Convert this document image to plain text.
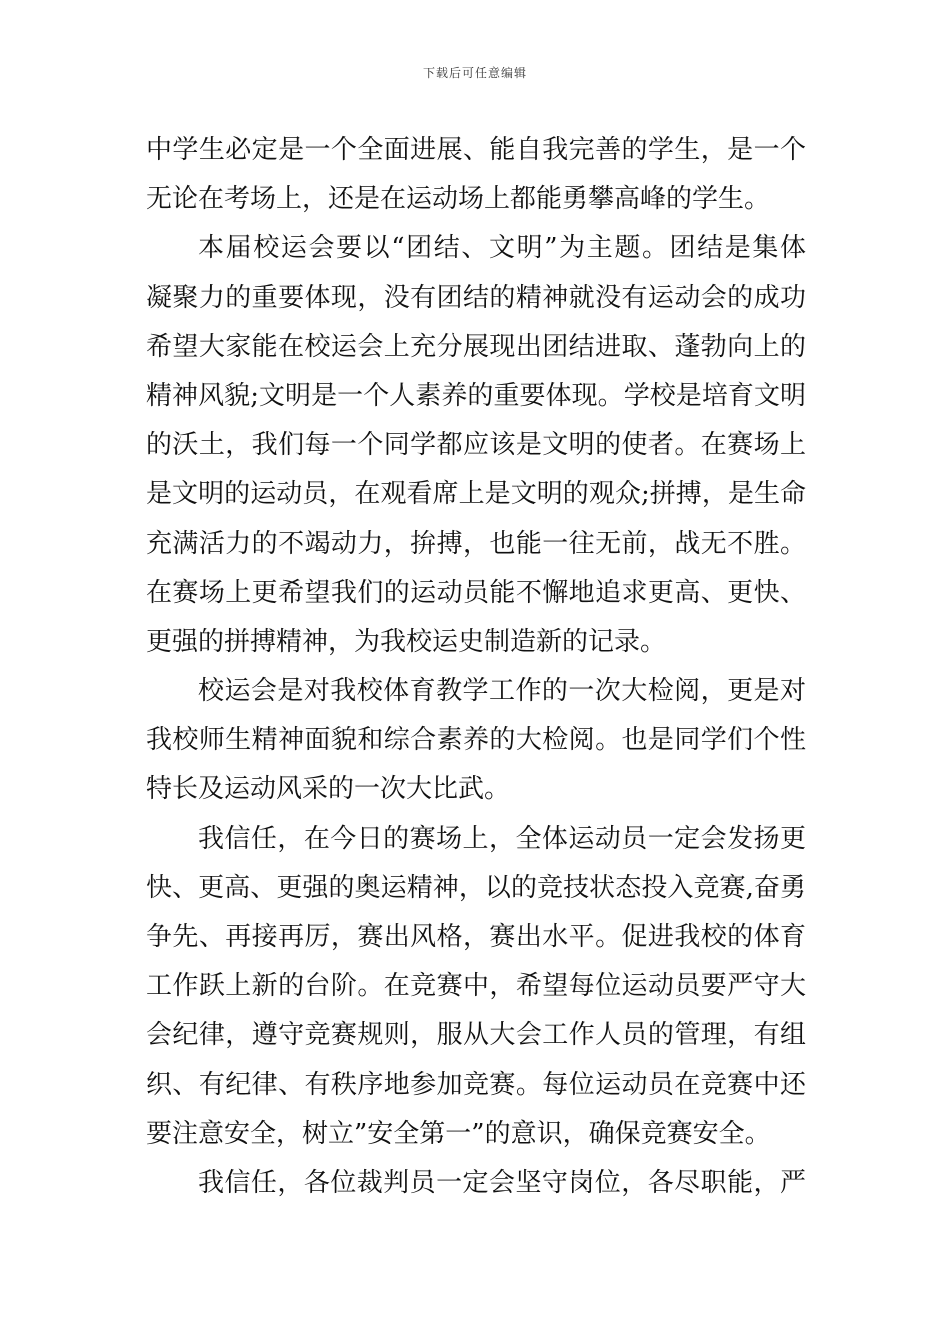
下载后可任意编辑
中学生必定是一个全面进展、能自我完善的学生，是一个
无论在考场上，还是在运动场上都能勇攀高峰的学生。
本届校运会要以“团结、文明”为主题。团结是集体
凝聚力的重要体现，没有团结的精神就没有运动会的成功
希望大家能在校运会上充分展现出团结进取、蓬勃向上的
精神风貌;文明是一个人素养的重要体现。学校是培育文明
的沃土，我们每一个同学都应该是文明的使者。在赛场上
是文明的运动员，在观看席上是文明的观众;拼搏，是生命
充满活力的不竭动力，拚搏，也能一往无前，战无不胜。
在赛场上更希望我们的运动员能不懈地追求更高、更快、
更强的拼搏精神，为我校运史制造新的记录。
校运会是对我校体育教学工作的一次大检阅，更是对
我校师生精神面貌和综合素养的大检阅。也是同学们个性
特长及运动风采的一次大比武。
我信任，在今日的赛场上，全体运动员一定会发扬更
快、更高、更强的奥运精神，以的竞技状态投入竞赛,奋勇
争先、再接再厉，赛出风格，赛出水平。促进我校的体育
工作跃上新的台阶。在竞赛中，希望每位运动员要严守大
会纪律，遵守竞赛规则，服从大会工作人员的管理，有组
织、有纪律、有秩序地参加竞赛。每位运动员在竞赛中还
要注意安全，树立”安全第一”的意识，确保竞赛安全。
我信任，各位裁判员一定会坚守岗位，各尽职能，严
